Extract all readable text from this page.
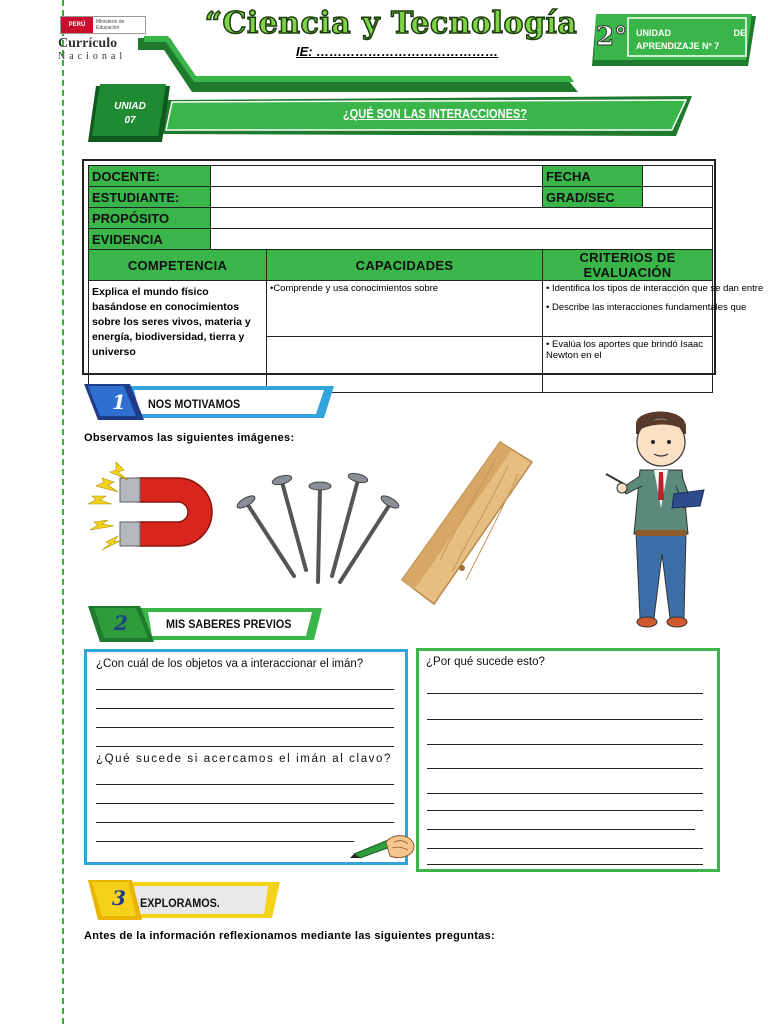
PERÚ	Ministerio de Educación
Currículo
Nacional
“Ciencia y Tecnología
IE: ……………………………………	2° UNIDAD	DE
APRENDIZAJE Nº 7
UNIAD
07	¿QUÉ SON LAS INTERACCIONES?
DOCENTE:			FECHA	
ESTUDIANTE:			GRAD/SEC	
PROPÓSITO				
EVIDENCIA				
COMPETENCIA		CAPACIDADES	CRITERIOS DE EVALUACIÓN	
Explica el mundo físico basándose en conocimientos sobre los seres vivos, materia y energía, biodiversidad, tierra y universo		•Comprende y usa conocimientos sobre	• Identifica los tipos de interacción que se dan entre

• Describe las interacciones fundamentales que	

			• Evalúa los aportes que brindó Isaac Newton en el	
1 NOS MOTIVAMOS
Observamos las siguientes imágenes:
2	MIS SABERES PREVIOS
¿Con cuál de los objetos va a interaccionar el imán?
¿Qué sucede si acercamos el imán al clavo?
¿Por qué sucede esto?
3 EXPLORAMOS.
Antes de la información reflexionamos mediante las siguientes preguntas:
